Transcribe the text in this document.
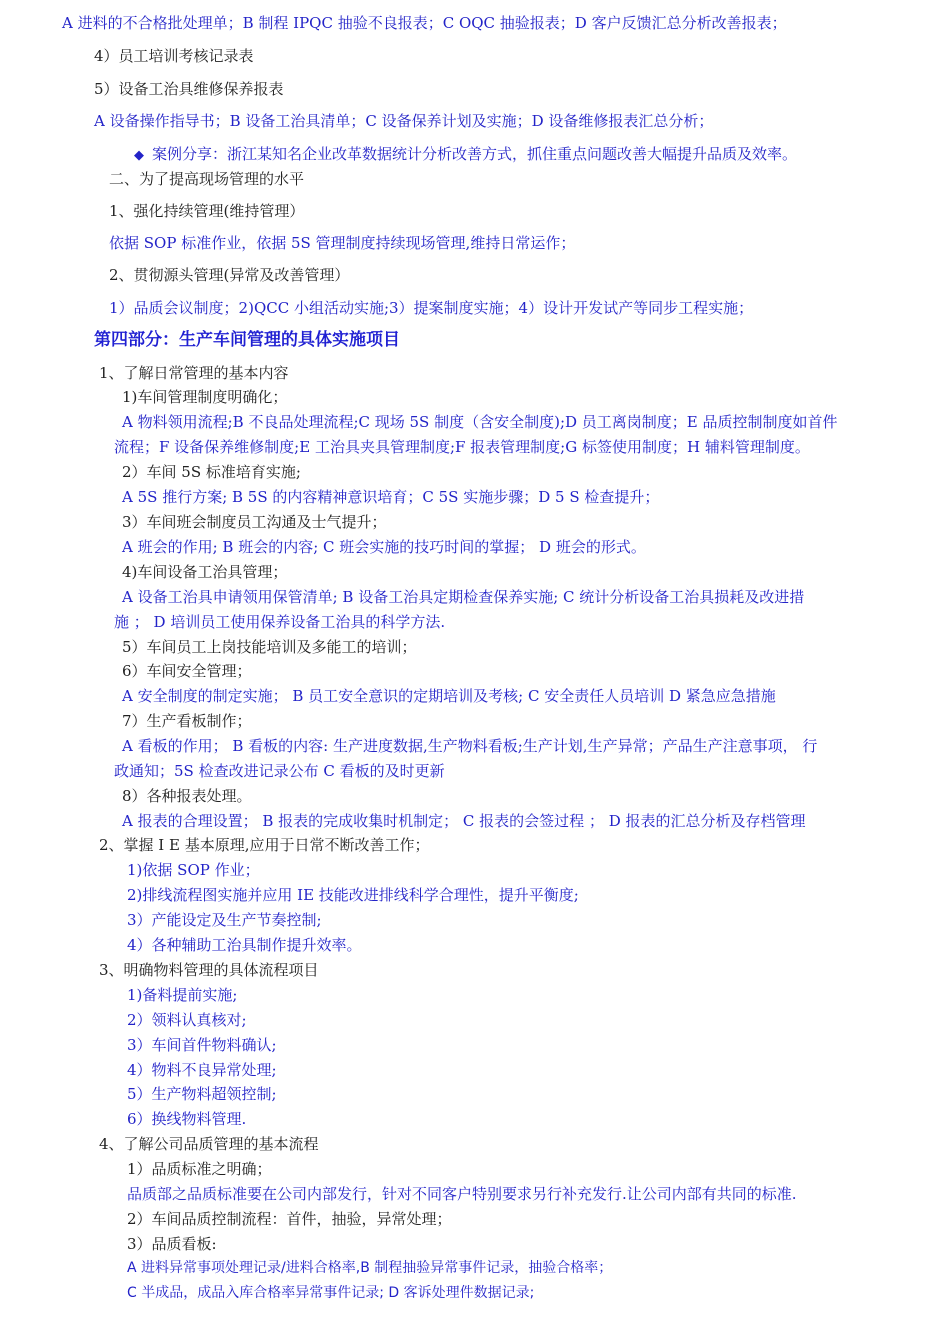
A 进料的不合格批处理单；B 制程 IPQC 抽验不良报表；C OQC 抽验报表；D 客户反馈汇总分析改善报表；
4）员工培训考核记录表
5）设备工治具维修保养报表
A 设备操作指导书；B 设备工治具清单；C 设备保养计划及实施；D 设备维修报表汇总分析；
◆ 案例分享：浙江某知名企业改革数据统计分析改善方式，抓住重点问题改善大幅提升品质及效率。
二、为了提高现场管理的水平
1、强化持续管理(维持管理）
依据 SOP 标准作业，依据 5S 管理制度持续现场管理,维持日常运作；
2、贯彻源头管理(异常及改善管理）
1）品质会议制度；2)QCC 小组活动实施;3）提案制度实施；4）设计开发试产等同步工程实施；
第四部分：生产车间管理的具体实施项目
1、了解日常管理的基本内容
1)车间管理制度明确化；
A 物料领用流程;B 不良品处理流程;C 现场 5S 制度（含安全制度);D 员工离岗制度；E 品质控制制度如首件
流程；F 设备保养维修制度;E 工治具夹具管理制度;F 报表管理制度;G 标签使用制度；H 辅料管理制度。
2）车间 5S 标准培育实施;
A 5S 推行方案; B 5S 的内容精神意识培育；C 5S 实施步骤；D 5 S 检查提升；
3）车间班会制度员工沟通及士气提升；
A 班会的作用; B 班会的内容; C 班会实施的技巧时间的掌握； D 班会的形式。
4)车间设备工治具管理；
A 设备工治具申请领用保管清单; B 设备工治具定期检查保养实施; C 统计分析设备工治具损耗及改进措
施 ； D 培训员工使用保养设备工治具的科学方法.
5）车间员工上岗技能培训及多能工的培训；
6）车间安全管理；
A 安全制度的制定实施； B 员工安全意识的定期培训及考核; C 安全责任人员培训 D 紧急应急措施
7）生产看板制作；
A 看板的作用； B 看板的内容: 生产进度数据,生产物料看板;生产计划,生产异常；产品生产注意事项， 行
政通知；5S 检查改进记录公布 C 看板的及时更新
8）各种报表处理。
A 报表的合理设置； B 报表的完成收集时机制定； C 报表的会签过程 ； D 报表的汇总分析及存档管理
2、掌握 I E 基本原理,应用于日常不断改善工作；
1)依据 SOP 作业；
2)排线流程图实施并应用 IE 技能改进排线科学合理性，提升平衡度;
3）产能设定及生产节奏控制;
4）各种辅助工治具制作提升效率。
3、明确物料管理的具体流程项目
1)备料提前实施;
2）领料认真核对;
3）车间首件物料确认;
4）物料不良异常处理;
5）生产物料超领控制;
6）换线物料管理.
4、了解公司品质管理的基本流程
1）品质标准之明确；
品质部之品质标准要在公司内部发行，针对不同客户特别要求另行补充发行.让公司内部有共同的标准.
2）车间品质控制流程：首件，抽验，异常处理；
3）品质看板:
A 进料异常事项处理记录/进料合格率,B 制程抽验异常事件记录，抽验合格率；
C 半成品，成品入库合格率异常事件记录; D 客诉处理件数据记录;
